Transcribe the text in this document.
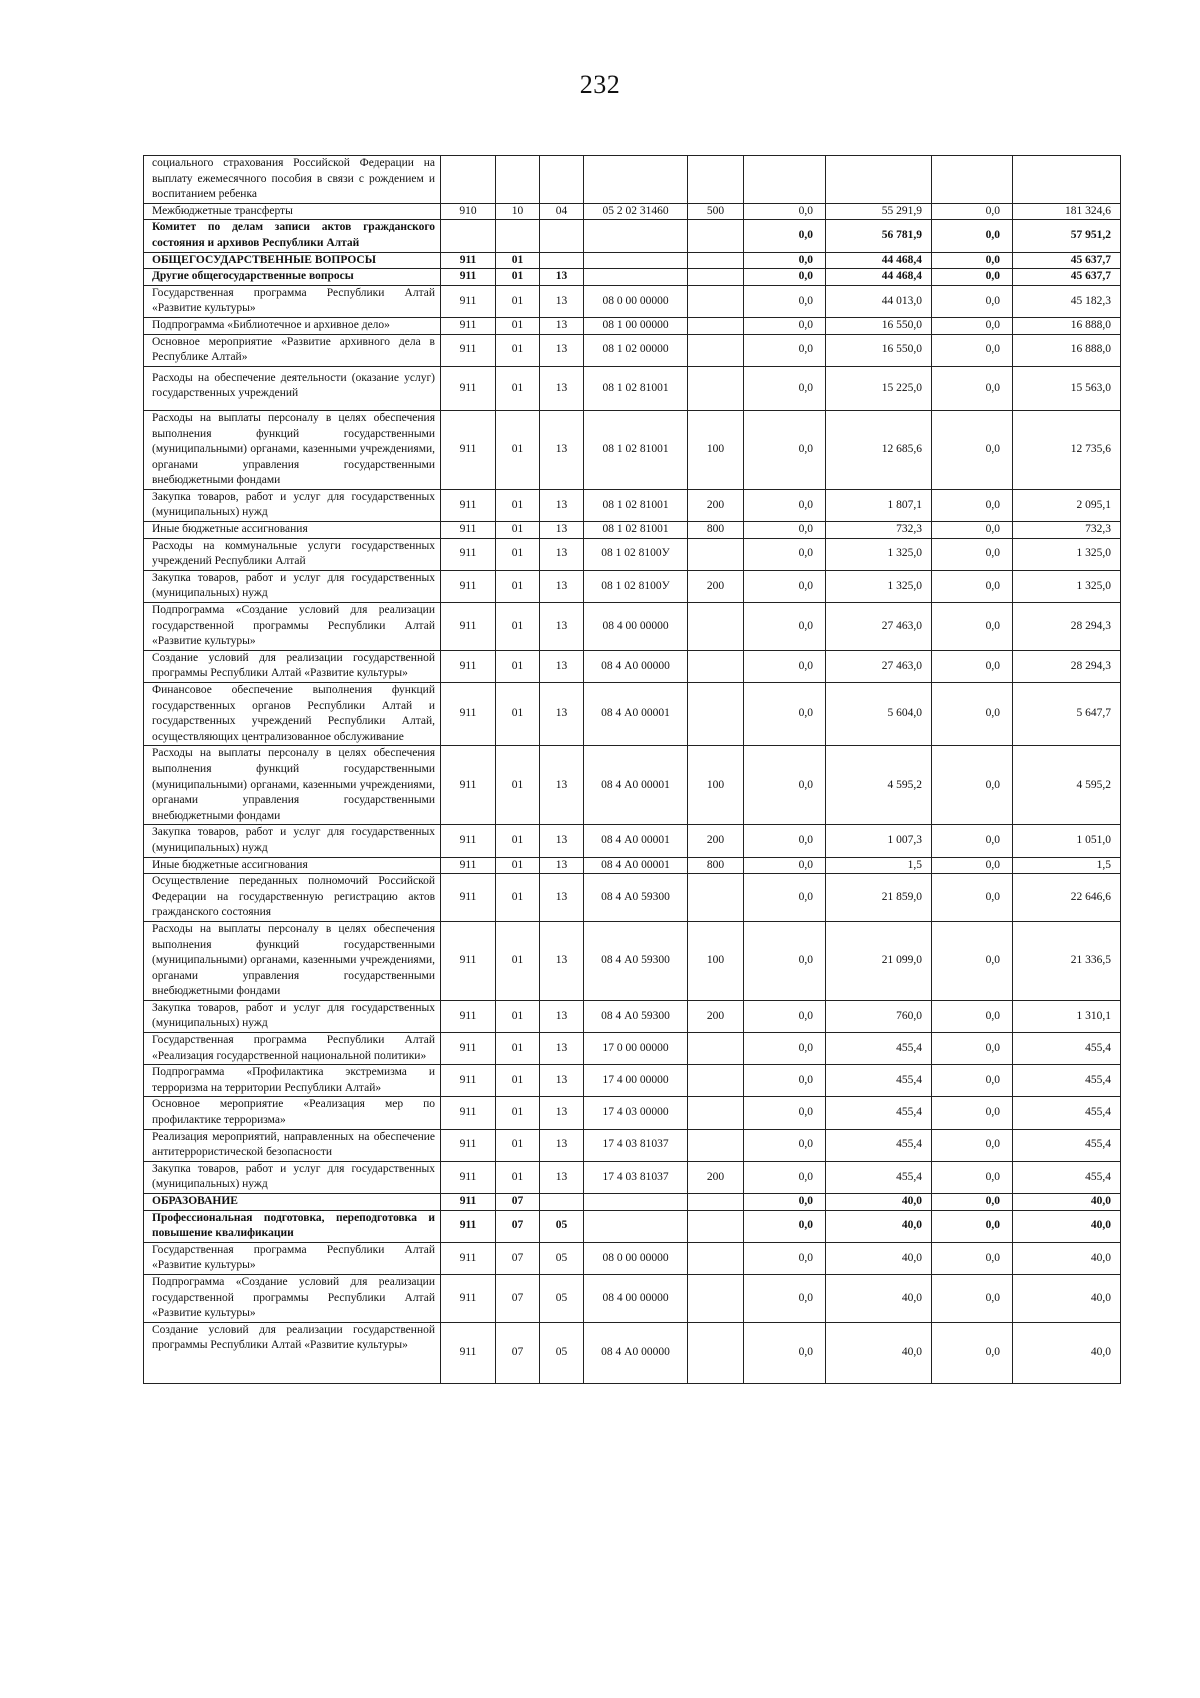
232
социального страхования Российской Федерации на выплату ежемесячного пособия в связи с рождением и воспитанием ребенка									
Межбюджетные трансферты	910	10	04	05 2 02 31460	500	0,0	55 291,9	0,0	181 324,6
Комитет по делам записи актов гражданского состояния и архивов Республики Алтай						0,0	56 781,9	0,0	57 951,2
ОБЩЕГОСУДАРСТВЕННЫЕ ВОПРОСЫ	911	01				0,0	44 468,4	0,0	45 637,7
Другие общегосударственные вопросы	911	01	13			0,0	44 468,4	0,0	45 637,7
Государственная программа Республики Алтай «Развитие культуры»	911	01	13	08 0 00 00000		0,0	44 013,0	0,0	45 182,3
Подпрограмма «Библиотечное и архивное дело»	911	01	13	08 1 00 00000		0,0	16 550,0	0,0	16 888,0
Основное мероприятие «Развитие архивного дела в Республике Алтай»	911	01	13	08 1 02 00000		0,0	16 550,0	0,0	16 888,0
Расходы на обеспечение деятельности (оказание услуг) государственных учреждений	911	01	13	08 1 02 81001		0,0	15 225,0	0,0	15 563,0
Расходы на выплаты персоналу в целях обеспечения выполнения функций государственными (муниципальными) органами, казенными учреждениями, органами управления государственными внебюджетными фондами	911	01	13	08 1 02 81001	100	0,0	12 685,6	0,0	12 735,6
Закупка товаров, работ и услуг для государственных (муниципальных) нужд	911	01	13	08 1 02 81001	200	0,0	1 807,1	0,0	2 095,1
Иные бюджетные ассигнования	911	01	13	08 1 02 81001	800	0,0	732,3	0,0	732,3
Расходы на коммунальные услуги государственных учреждений Республики Алтай	911	01	13	08 1 02 8100У		0,0	1 325,0	0,0	1 325,0
Закупка товаров, работ и услуг для государственных (муниципальных) нужд	911	01	13	08 1 02 8100У	200	0,0	1 325,0	0,0	1 325,0
Подпрограмма «Создание условий для реализации государственной программы Республики Алтай «Развитие культуры»	911	01	13	08 4 00 00000		0,0	27 463,0	0,0	28 294,3
Создание условий для реализации государственной программы Республики Алтай «Развитие культуры»	911	01	13	08 4 А0 00000		0,0	27 463,0	0,0	28 294,3
Финансовое обеспечение выполнения функций государственных органов Республики Алтай и государственных учреждений Республики Алтай, осуществляющих централизованное обслуживание	911	01	13	08 4 А0 00001		0,0	5 604,0	0,0	5 647,7
Расходы на выплаты персоналу в целях обеспечения выполнения функций государственными (муниципальными) органами, казенными учреждениями, органами управления государственными внебюджетными фондами	911	01	13	08 4 А0 00001	100	0,0	4 595,2	0,0	4 595,2
Закупка товаров, работ и услуг для государственных (муниципальных) нужд	911	01	13	08 4 А0 00001	200	0,0	1 007,3	0,0	1 051,0
Иные бюджетные ассигнования	911	01	13	08 4 А0 00001	800	0,0	1,5	0,0	1,5
Осуществление переданных полномочий Российской Федерации на государственную регистрацию актов гражданского состояния	911	01	13	08 4 А0 59300		0,0	21 859,0	0,0	22 646,6
Расходы на выплаты персоналу в целях обеспечения выполнения функций государственными (муниципальными) органами, казенными учреждениями, органами управления государственными внебюджетными фондами	911	01	13	08 4 А0 59300	100	0,0	21 099,0	0,0	21 336,5
Закупка товаров, работ и услуг для государственных (муниципальных) нужд	911	01	13	08 4 А0 59300	200	0,0	760,0	0,0	1 310,1
Государственная программа Республики Алтай «Реализация государственной национальной политики»	911	01	13	17 0 00 00000		0,0	455,4	0,0	455,4
Подпрограмма «Профилактика экстремизма и терроризма на территории Республики Алтай»	911	01	13	17 4 00 00000		0,0	455,4	0,0	455,4
Основное мероприятие «Реализация мер по профилактике терроризма»	911	01	13	17 4 03 00000		0,0	455,4	0,0	455,4
Реализация мероприятий, направленных на обеспечение антитеррористической безопасности	911	01	13	17 4 03 81037		0,0	455,4	0,0	455,4
Закупка товаров, работ и услуг для государственных (муниципальных) нужд	911	01	13	17 4 03 81037	200	0,0	455,4	0,0	455,4
ОБРАЗОВАНИЕ	911	07				0,0	40,0	0,0	40,0
Профессиональная подготовка, переподготовка и повышение квалификации	911	07	05			0,0	40,0	0,0	40,0
Государственная программа Республики Алтай «Развитие культуры»	911	07	05	08 0 00 00000		0,0	40,0	0,0	40,0
Подпрограмма «Создание условий для реализации государственной программы Республики Алтай «Развитие культуры»	911	07	05	08 4 00 00000		0,0	40,0	0,0	40,0
Создание условий для реализации государственной программы Республики Алтай «Развитие культуры»	911	07	05	08 4 А0 00000		0,0	40,0	0,0	40,0
